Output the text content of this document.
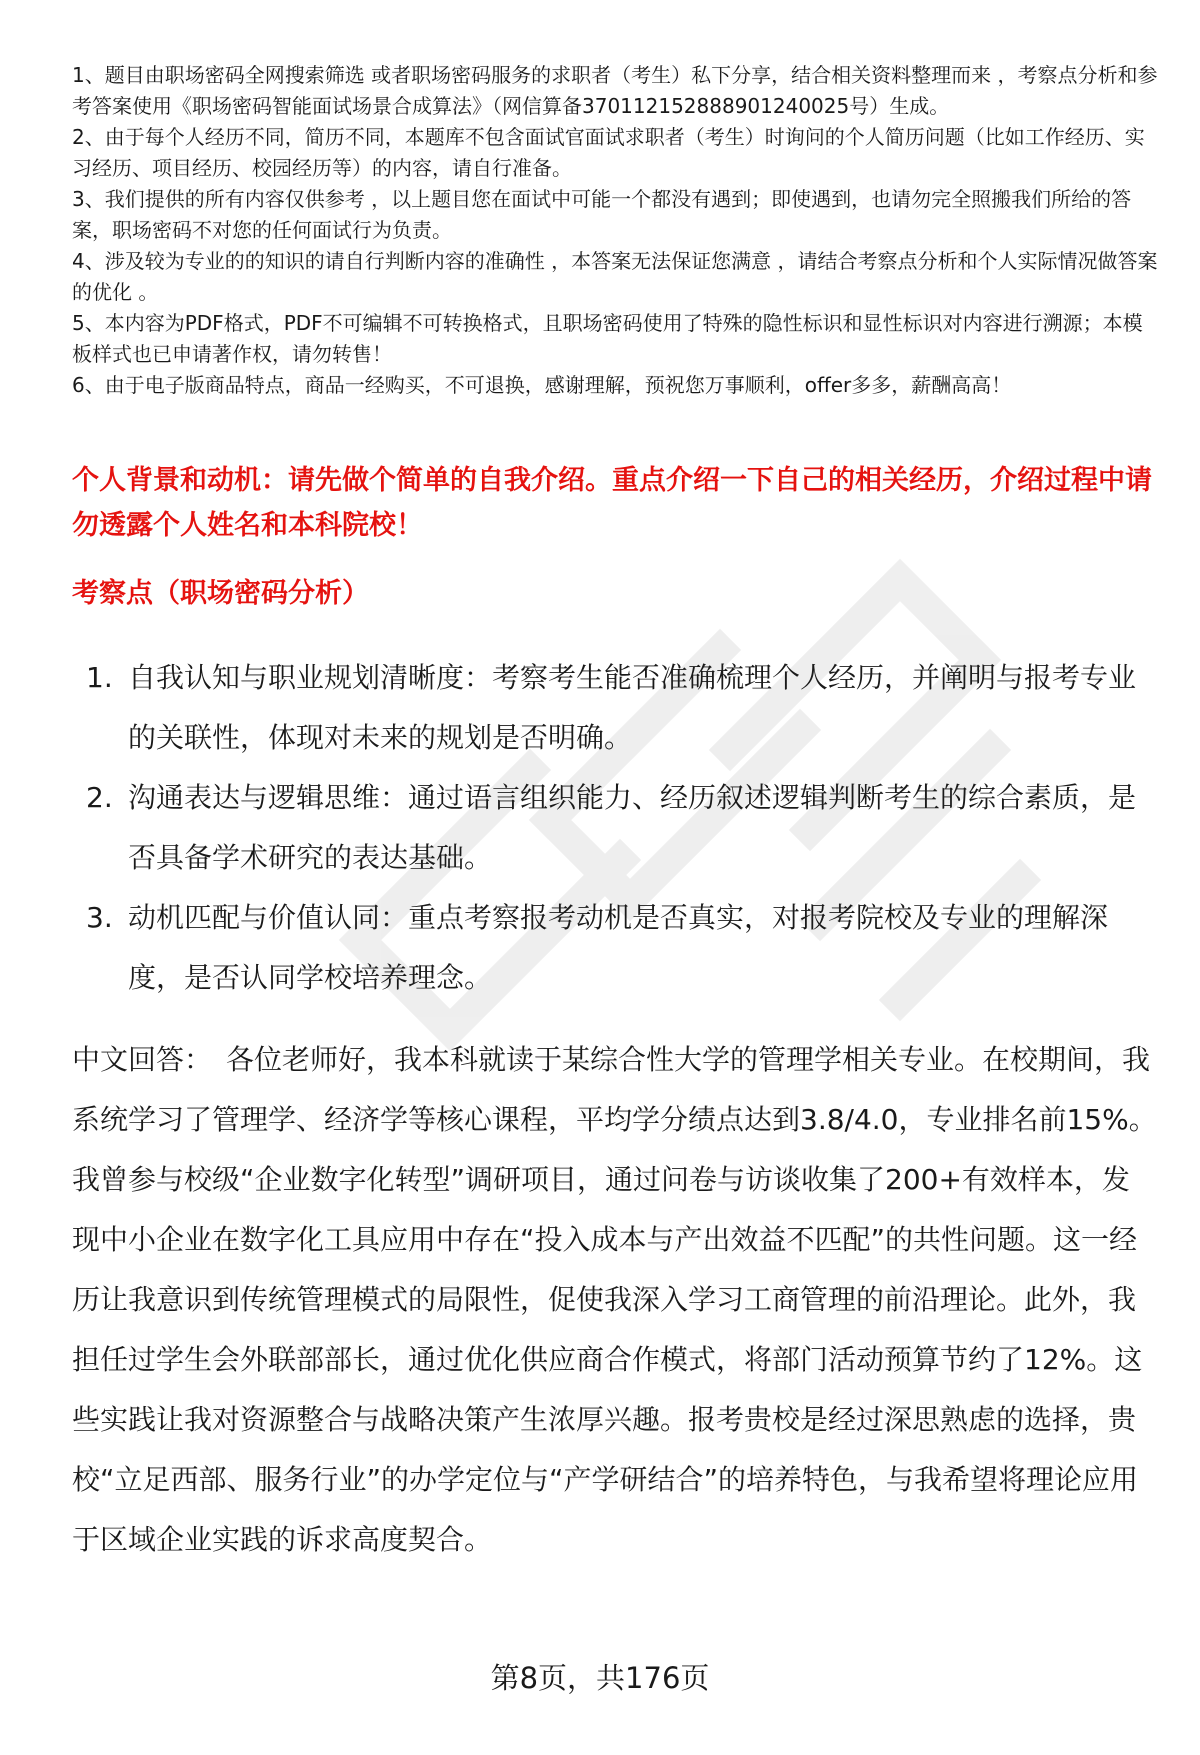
1、题目由职场密码全网搜索筛选 或者职场密码服务的求职者（考生）私下分享，结合相关资料整理而来 ，考察点分析和参考答案使用《职场密码智能面试场景合成算法》（网信算备370112152888901240025号）生成。

2、由于每个人经历不同，简历不同，本题库不包含面试官面试求职者（考生）时询问的个人简历问题（比如工作经历、实习经历、项目经历、校园经历等）的内容，请自行准备。

3、我们提供的所有内容仅供参考 ，以上题目您在面试中可能一个都没有遇到；即使遇到，也请勿完全照搬我们所给的答案，职场密码不对您的任何面试行为负责。

4、涉及较为专业的的知识的请自行判断内容的准确性 ，本答案无法保证您满意 ，请结合考察点分析和个人实际情况做答案的优化 。

5、本内容为PDF格式，PDF不可编辑不可转换格式，且职场密码使用了特殊的隐性标识和显性标识对内容进行溯源；本模板样式也已申请著作权，请勿转售！

6、由于电子版商品特点，商品一经购买，不可退换，感谢理解，预祝您万事顺利，offer多多，薪酬高高！

个人背景和动机：请先做个简单的自我介绍。重点介绍一下自己的相关经历，介绍过程中请勿透露个人姓名和本科院校！

考察点（职场密码分析）

1. 自我认知与职业规划清晰度：考察考生能否准确梳理个人经历，并阐明与报考专业的关联性，体现对未来的规划是否明确。
2. 沟通表达与逻辑思维：通过语言组织能力、经历叙述逻辑判断考生的综合素质，是否具备学术研究的表达基础。
3. 动机匹配与价值认同：重点考察报考动机是否真实，对报考院校及专业的理解深度，是否认同学校培养理念。

中文回答： 各位老师好，我本科就读于某综合性大学的管理学相关专业。在校期间，我系统学习了管理学、经济学等核心课程，平均学分绩点达到3.8/4.0，专业排名前15%。我曾参与校级“企业数字化转型”调研项目，通过问卷与访谈收集了200+有效样本，发现中小企业在数字化工具应用中存在“投入成本与产出效益不匹配”的共性问题。这一经历让我意识到传统管理模式的局限性，促使我深入学习工商管理的前沿理论。此外，我担任过学生会外联部部长，通过优化供应商合作模式，将部门活动预算节约了12%。这些实践让我对资源整合与战略决策产生浓厚兴趣。报考贵校是经过深思熟虑的选择，贵校“立足西部、服务行业”的办学定位与“产学研结合”的培养特色，与我希望将理论应用于区域企业实践的诉求高度契合。

第8页，共176页
